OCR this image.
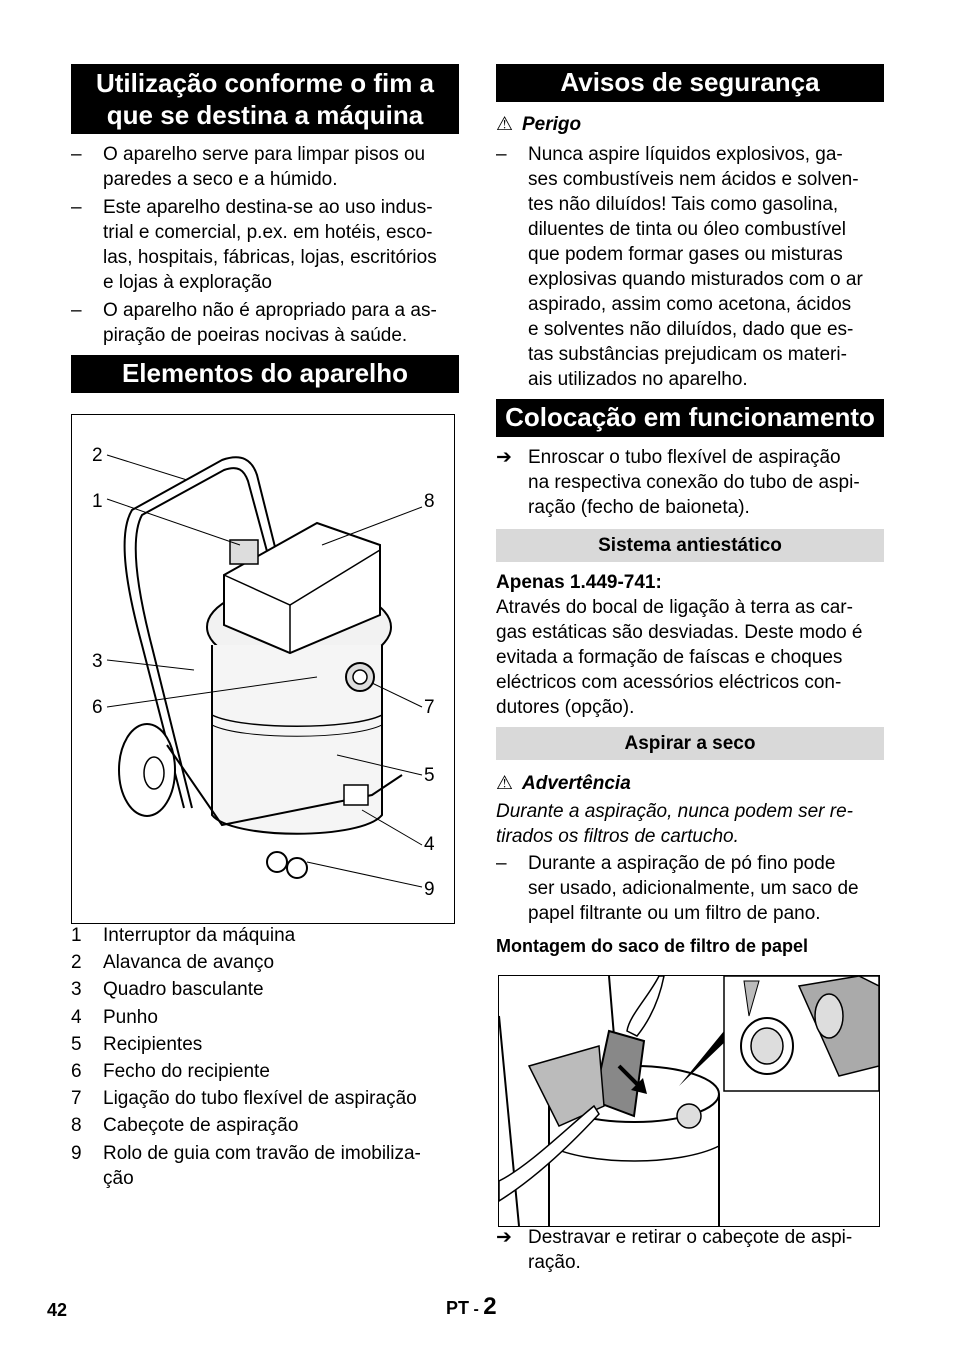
Utilização conforme o fim a
que se destina a máquina
– O aparelho serve para limpar pisos ou
paredes a seco e a húmido.
– Este aparelho destina-se ao uso indus-
trial e comercial, p.ex. em hotéis, esco-
las, hospitais, fábricas, lojas, escritórios
e lojas à exploração
– O aparelho não é apropriado para a as-
piração de poeiras nocivas à saúde.
Elementos do aparelho
2
1	8
3
6	7
5
4
9
1	Interruptor da máquina
2	Alavanca de avanço
3	Quadro basculante
4	Punho
5	Recipientes
6	Fecho do recipiente
7	Ligação do tubo flexível de aspiração
8	Cabeçote de aspiração
9	Rolo de guia com travão de imobiliza-
ção
Avisos de segurança
⚠ Perigo
– Nunca aspire líquidos explosivos, ga-
ses combustíveis nem ácidos e solven-
tes não diluídos! Tais como gasolina,
diluentes de tinta ou óleo combustível
que podem formar gases ou misturas
explosivas quando misturados com o ar
aspirado, assim como acetona, ácidos
e solventes não diluídos, dado que es-
tas substâncias prejudicam os materi-
ais utilizados no aparelho.
Colocação em funcionamento
➔ Enroscar o tubo flexível de aspiração
na respectiva conexão do tubo de aspi-
ração (fecho de baioneta).
Sistema antiestático
Apenas 1.449-741:
Através do bocal de ligação à terra as car-
gas estáticas são desviadas. Deste modo é
evitada a formação de faíscas e choques
eléctricos com acessórios eléctricos con-
dutores (opção).
Aspirar a seco
⚠ Advertência
Durante a aspiração, nunca podem ser re-
tirados os filtros de cartucho.
– Durante a aspiração de pó fino pode
ser usado, adicionalmente, um saco de
papel filtrante ou um filtro de pano.
Montagem do saco de filtro de papel
➔ Destravar e retirar o cabeçote de aspi-
ração.
42	PT - 2
